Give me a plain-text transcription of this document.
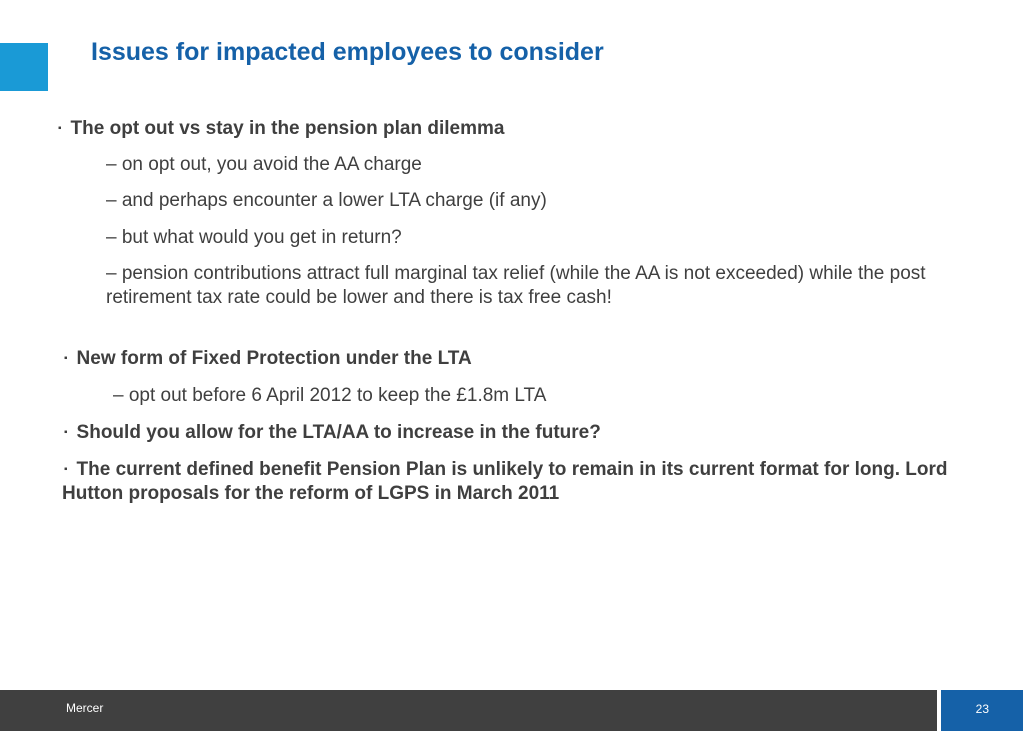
Issues for impacted employees to consider

▪ The opt out vs stay in the pension plan dilemma

– on opt out, you avoid the AA charge

– and perhaps encounter a lower LTA charge (if any)

– but what would you get in return?

– pension contributions attract full marginal tax relief (while the AA is not exceeded) while the post retirement tax rate could be lower and there is tax free cash!

▪ New form of Fixed Protection under the LTA

– opt out before 6 April 2012 to keep the £1.8m LTA

▪ Should you allow for the LTA/AA to increase in the future?

▪ The current defined benefit Pension Plan is unlikely to remain in its current format for long. Lord Hutton proposals for the reform of LGPS in March 2011

Mercer	23
